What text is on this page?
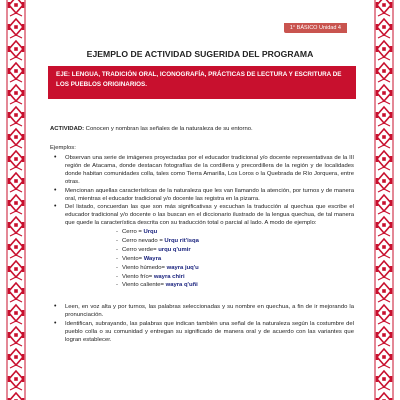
1° BÁSICO Unidad 4
EJEMPLO DE ACTIVIDAD SUGERIDA DEL PROGRAMA
EJE: LENGUA, TRADICIÓN ORAL, ICONOGRAFÍA, PRÁCTICAS DE LECTURA Y ESCRITURA DE LOS PUEBLOS ORIGINARIOS.

ACTIVIDAD: Conocen y nombran las señales de la naturaleza de su entorno.

Ejemplos:

• Observan una serie de imágenes proyectadas por el educador tradicional y/o docente representativas de la III región de Atacama, donde destacan fotografías de la cordillera y precordillera de la región y de localidades donde habitan comunidades colla, tales como Tierra Amarilla, Los Loros o la Quebrada de Río Jorquera, entre otras.
• Mencionan aquellas características de la naturaleza que les van llamando la atención, por turnos y de manera oral, mientras el educador tradicional y/o docente las registra en la pizarra.
• Del listado, concuerdan las que son más significativas y escuchan la traducción al quechua que escribe el educador tradicional y/o docente o las buscan en el diccionario ilustrado de la lengua quechua, de tal manera que quede la característica descrita con su traducción total o parcial al lado. A modo de ejemplo:
- Cerro = Urqu
- Cerro nevado = Urqu rit'isqa
- Cerro verde= urqu q'umir
- Viento= Wayra
- Viento húmedo= wayra juq'u
- Viento frío= wayra chiri
- Viento caliente= wayra q'uñi
• Leen, en voz alta y por turnos, las palabras seleccionadas y su nombre en quechua, a fin de ir mejorando la pronunciación.
• Identifican, subrayando, las palabras que indican también una señal de la naturaleza según la costumbre del pueblo colla o su comunidad y entregan su significado de manera oral y de acuerdo con las variantes que logran establecer.
